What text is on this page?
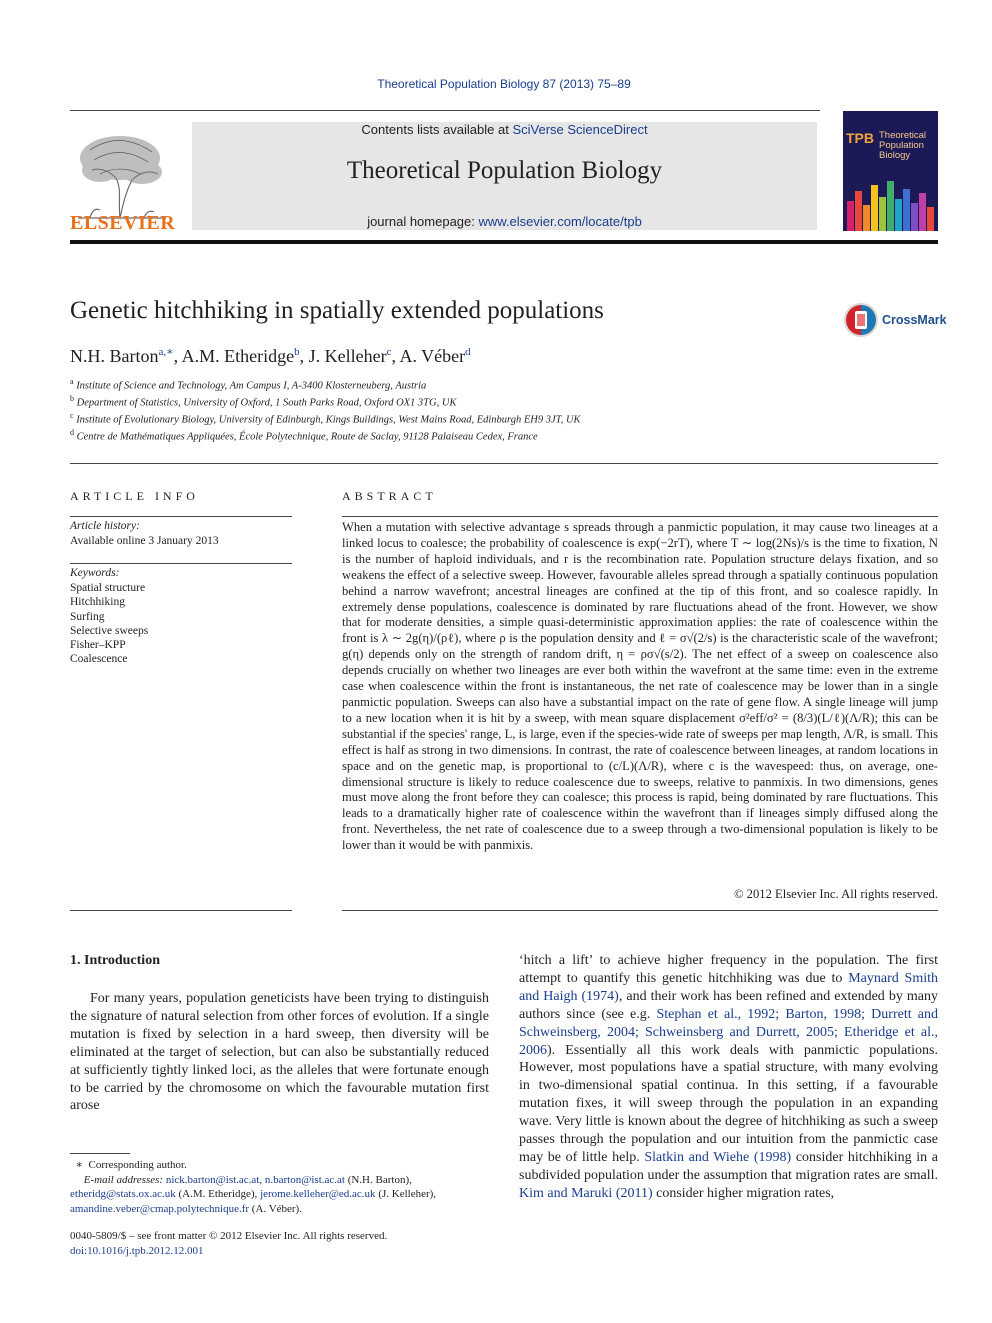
Theoretical Population Biology 87 (2013) 75–89
ELSEVIER
Contents lists available at SciVerse ScienceDirect
Theoretical Population Biology
journal homepage: www.elsevier.com/locate/tpb
TPB Theoretical
Population
Biology
Genetic hitchhiking in spatially extended populations	CrossMark
N.H. Barton$^{a,∗}$, A.M. Etheridge$^b$, J. Kelleher$^c$, A. Véber$^d$
$^a$ Institute of Science and Technology, Am Campus I, A-3400 Klosterneuberg, Austria
$^b$ Department of Statistics, University of Oxford, 1 South Parks Road, Oxford OX1 3TG, UK
$^c$ Institute of Evolutionary Biology, University of Edinburgh, Kings Buildings, West Mains Road, Edinburgh EH9 3JT, UK
$^d$ Centre de Mathématiques Appliquées, École Polytechnique, Route de Saclay, 91128 Palaiseau Cedex, France
ARTICLE INFO
Article history:
Available online 3 January 2013
Keywords:
Spatial structure
Hitchhiking
Surfing
Selective sweeps
Fisher–KPP
Coalescence
ABSTRACT
When a mutation with selective advantage s spreads through a panmictic population, it may cause two lineages at a linked locus to coalesce; the probability of coalescence is exp(−2rT), where T ∼ log(2Ns)/s is the time to fixation, N is the number of haploid individuals, and r is the recombination rate. Population structure delays fixation, and so weakens the effect of a selective sweep. However, favourable alleles spread through a spatially continuous population behind a narrow wavefront; ancestral lineages are confined at the tip of this front, and so coalesce rapidly. In extremely dense populations, coalescence is dominated by rare fluctuations ahead of the front. However, we show that for moderate densities, a simple quasi-deterministic approximation applies: the rate of coalescence within the front is λ ∼ 2g(η)/(ρℓ), where ρ is the population density and ℓ = σ√(2/s) is the characteristic scale of the wavefront; g(η) depends only on the strength of random drift, η = ρσ√(s/2). The net effect of a sweep on coalescence also depends crucially on whether two lineages are ever both within the wavefront at the same time: even in the extreme case when coalescence within the front is instantaneous, the net rate of coalescence may be lower than in a single panmictic population. Sweeps can also have a substantial impact on the rate of gene flow. A single lineage will jump to a new location when it is hit by a sweep, with mean square displacement σ²eff/σ² = (8/3)(L/ℓ)(Λ/R); this can be substantial if the species' range, L, is large, even if the species-wide rate of sweeps per map length, Λ/R, is small. This effect is half as strong in two dimensions. In contrast, the rate of coalescence between lineages, at random locations in space and on the genetic map, is proportional to (c/L)(Λ/R), where c is the wavespeed: thus, on average, one-dimensional structure is likely to reduce coalescence due to sweeps, relative to panmixis. In two dimensions, genes must move along the front before they can coalesce; this process is rapid, being dominated by rare fluctuations. This leads to a dramatically higher rate of coalescence within the wavefront than if lineages simply diffused along the front. Nevertheless, the net rate of coalescence due to a sweep through a two-dimensional population is likely to be lower than it would be with panmixis.
© 2012 Elsevier Inc. All rights reserved.
1. Introduction
For many years, population geneticists have been trying to distinguish the signature of natural selection from other forces of evolution. If a single mutation is fixed by selection in a hard sweep, then diversity will be eliminated at the target of selection, but can also be substantially reduced at sufficiently tightly linked loci, as the alleles that were fortunate enough to be carried by the chromosome on which the favourable mutation first arose
‘hitch a lift’ to achieve higher frequency in the population. The first attempt to quantify this genetic hitchhiking was due to Maynard Smith and Haigh (1974), and their work has been refined and extended by many authors since (see e.g. Stephan et al., 1992; Barton, 1998; Durrett and Schweinsberg, 2004; Schweinsberg and Durrett, 2005; Etheridge et al., 2006). Essentially all this work deals with panmictic populations. However, most populations have a spatial structure, with many evolving in two-dimensional spatial continua. In this setting, if a favourable mutation fixes, it will sweep through the population in an expanding wave. Very little is known about the degree of hitchhiking as such a sweep passes through the population and our intuition from the panmictic case may be of little help. Slatkin and Wiehe (1998) consider hitchhiking in a subdivided population under the assumption that migration rates are small. Kim and Maruki (2011) consider higher migration rates,
∗ Corresponding author.
E-mail addresses: nick.barton@ist.ac.at, n.barton@ist.ac.at (N.H. Barton),
etheridg@stats.ox.ac.uk (A.M. Etheridge), jerome.kelleher@ed.ac.uk (J. Kelleher),
amandine.veber@cmap.polytechnique.fr (A. Véber).
0040-5809/$ – see front matter © 2012 Elsevier Inc. All rights reserved.
doi:10.1016/j.tpb.2012.12.001
